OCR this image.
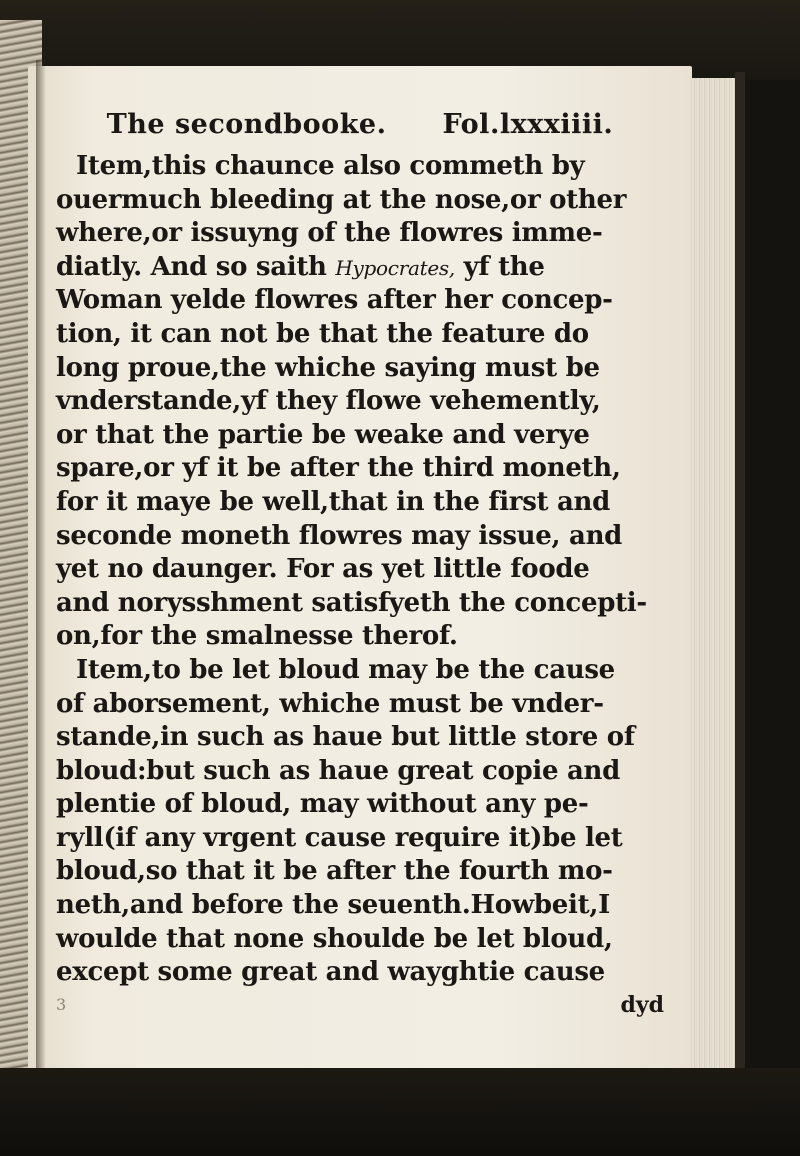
The secondbooke. Fol.lxxxiiii.

Item,this chaunce also commeth by

ouermuch bleeding at the nose,or other

where,or issuyng of the flowres imme-

diatly. And so saith Hypocrates, yf the

Woman yelde flowres after her concep-

tion, it can not be that the feature do

long proue,the whiche saying must be

vnderstande,yf they flowe vehemently,

or that the partie be weake and verye

spare,or yf it be after the third moneth,

for it maye be well,that in the first and

seconde moneth flowres may issue, and

yet no daunger. For as yet little foode

and norysshment satisfyeth the concepti-

on,for the smalnesse therof.

Item,to be let bloud may be the cause

of aborsement, whiche must be vnder-

stande,in such as haue but little store of

bloud:but such as haue great copie and

plentie of bloud, may without any pe-

ryll(if any vrgent cause require it)be let

bloud,so that it be after the fourth mo-

neth,and before the seuenth.Howbeit,I

woulde that none shoulde be let bloud,

except some great and wayghtie cause

3	dyd
